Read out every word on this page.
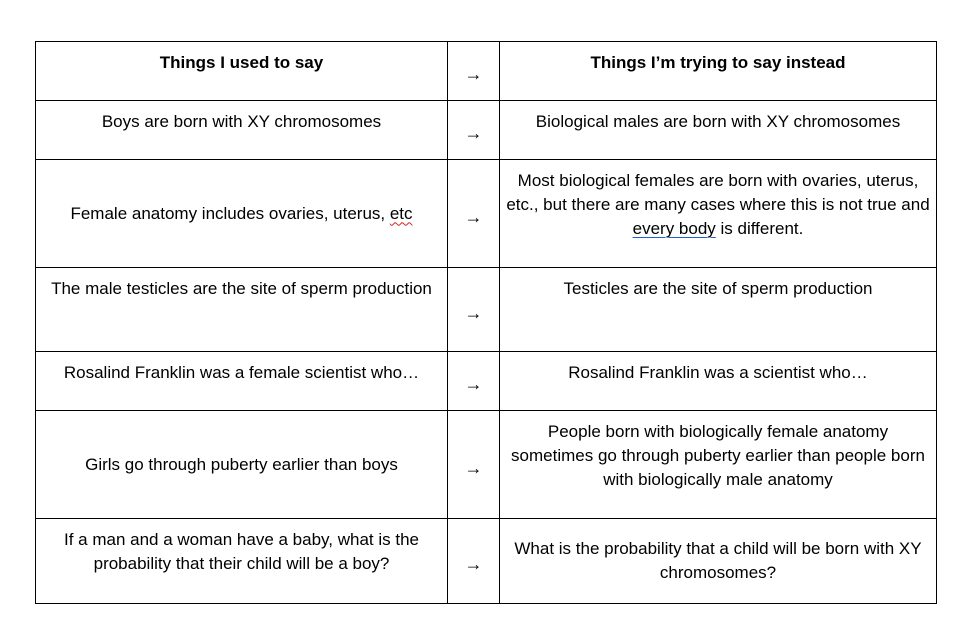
Things I used to say	→	Things I’m trying to say instead
Boys are born with XY chromosomes	→	Biological males are born with XY chromosomes
Female anatomy includes ovaries, uterus, etc	→	Most biological females are born with ovaries, uterus, etc., but there are many cases where this is not true and every body is different.
The male testicles are the site of sperm production	→	Testicles are the site of sperm production
Rosalind Franklin was a female scientist who…	→	Rosalind Franklin was a scientist who…
Girls go through puberty earlier than boys	→	People born with biologically female anatomy sometimes go through puberty earlier than people born with biologically male anatomy
If a man and a woman have a baby, what is the probability that their child will be a boy?	→	What is the probability that a child will be born with XY chromosomes?
